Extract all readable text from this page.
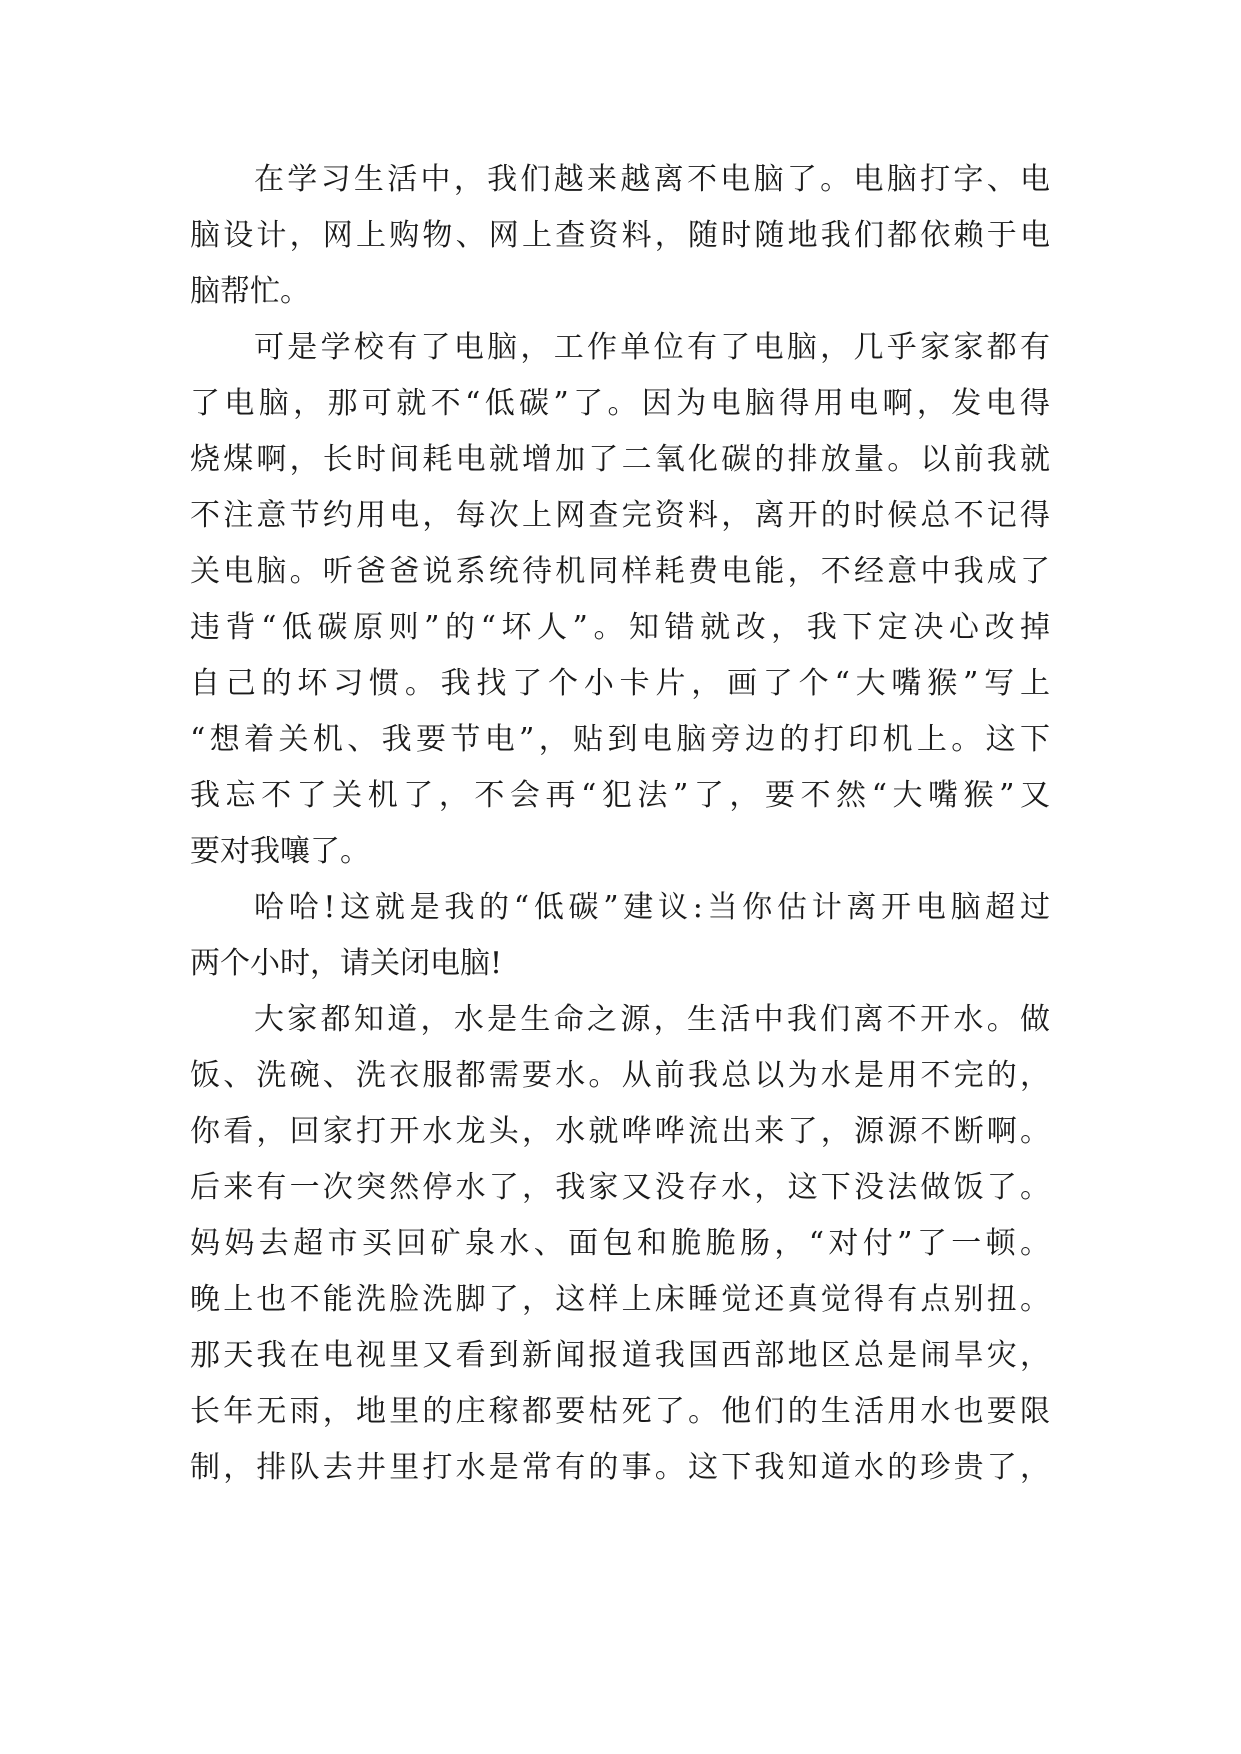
在学习生活中，我们越来越离不电脑了。电脑打字、电
脑设计，网上购物、网上查资料，随时随地我们都依赖于电
脑帮忙。
可是学校有了电脑，工作单位有了电脑，几乎家家都有
了电脑，那可就不“低碳”了。因为电脑得用电啊，发电得
烧煤啊，长时间耗电就增加了二氧化碳的排放量。以前我就
不注意节约用电，每次上网查完资料，离开的时候总不记得
关电脑。听爸爸说系统待机同样耗费电能，不经意中我成了
违背“低碳原则”的“坏人”。知错就改，我下定决心改掉
自己的坏习惯。我找了个小卡片，画了个“大嘴猴”写上
“想着关机、我要节电”，贴到电脑旁边的打印机上。这下
我忘不了关机了，不会再“犯法”了，要不然“大嘴猴”又
要对我嚷了。
哈哈!这就是我的“低碳”建议:当你估计离开电脑超过
两个小时，请关闭电脑!
大家都知道，水是生命之源，生活中我们离不开水。做
饭、洗碗、洗衣服都需要水。从前我总以为水是用不完的，
你看，回家打开水龙头，水就哗哗流出来了，源源不断啊。
后来有一次突然停水了，我家又没存水，这下没法做饭了。
妈妈去超市买回矿泉水、面包和脆脆肠，“对付”了一顿。
晚上也不能洗脸洗脚了，这样上床睡觉还真觉得有点别扭。
那天我在电视里又看到新闻报道我国西部地区总是闹旱灾，
长年无雨，地里的庄稼都要枯死了。他们的生活用水也要限
制，排队去井里打水是常有的事。这下我知道水的珍贵了，
